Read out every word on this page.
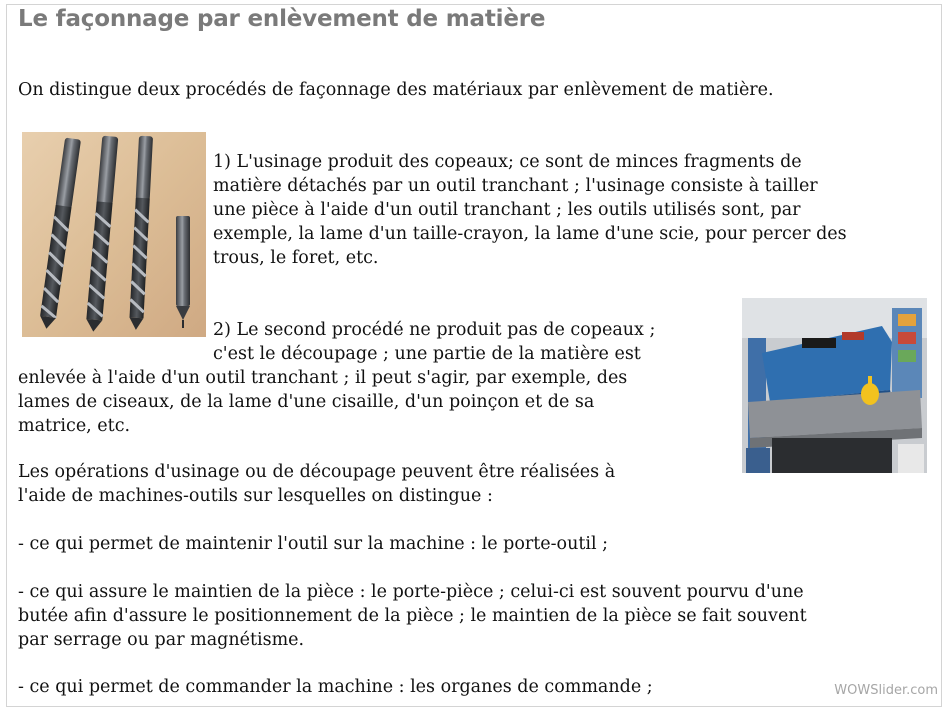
Le façonnage par enlèvement de matière

On distingue deux procédés de façonnage des matériaux par enlèvement de matière.

1) L'usinage produit des copeaux; ce sont de minces fragments de

matière détachés par un outil tranchant ; l'usinage consiste à tailler

une pièce à l'aide d'un outil tranchant ; les outils utilisés sont, par

exemple, la lame d'un taille-crayon, la lame d'une scie, pour percer des

trous, le foret, etc.

2) Le second procédé ne produit pas de copeaux ;

c'est le découpage ; une partie de la matière est

enlevée à l'aide d'un outil tranchant ; il peut s'agir, par exemple, des

lames de ciseaux, de la lame d'une cisaille, d'un poinçon et de sa

matrice, etc.

Les opérations d'usinage ou de découpage peuvent être réalisées à

l'aide de machines-outils sur lesquelles on distingue :

- ce qui permet de maintenir l'outil sur la machine : le porte-outil ;

- ce qui assure le maintien de la pièce : le porte-pièce ; celui-ci est souvent pourvu d'une

butée afin d'assure le positionnement de la pièce ; le maintien de la pièce se fait souvent

par serrage ou par magnétisme.

- ce qui permet de commander la machine : les organes de commande ;	WOWSlider.com
